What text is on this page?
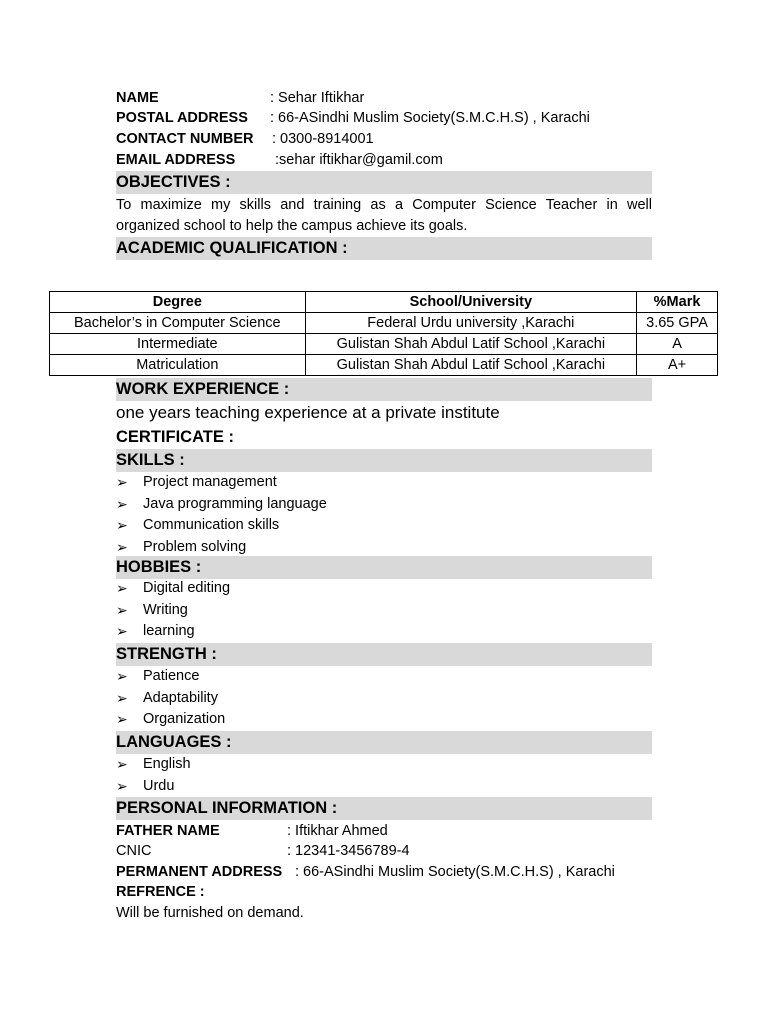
NAME	: Sehar Iftikhar
POSTAL ADDRESS : 66-ASindhi Muslim Society(S.M.C.H.S) , Karachi
CONTACT NUMBER : 0300-8914001
EMAIL ADDRESS	:sehar iftikhar@gamil.com
OBJECTIVES :
To maximize my skills and training as a Computer Science Teacher in well organized school to help the campus achieve its goals.
ACADEMIC QUALIFICATION :
Degree	School/University	%Mark
Bachelor’s in Computer Science	Federal Urdu university ,Karachi	3.65 GPA
Intermediate	Gulistan Shah Abdul Latif School ,Karachi	A
Matriculation	Gulistan Shah Abdul Latif School ,Karachi	A+
WORK EXPERIENCE :
one years teaching experience at a private institute
CERTIFICATE :
SKILLS :
➢ Project management
➢ Java programming language
➢ Communication skills
➢ Problem solving
HOBBIES :
➢ Digital editing
➢ Writing
➢ learning
STRENGTH :
➢ Patience
➢ Adaptability
➢ Organization
LANGUAGES :
➢ English
➢ Urdu
PERSONAL INFORMATION :
FATHER NAME	: Iftikhar Ahmed
CNIC	: 12341-3456789-4
PERMANENT ADDRESS : 66-ASindhi Muslim Society(S.M.C.H.S) , Karachi
REFRENCE :
Will be furnished on demand.
